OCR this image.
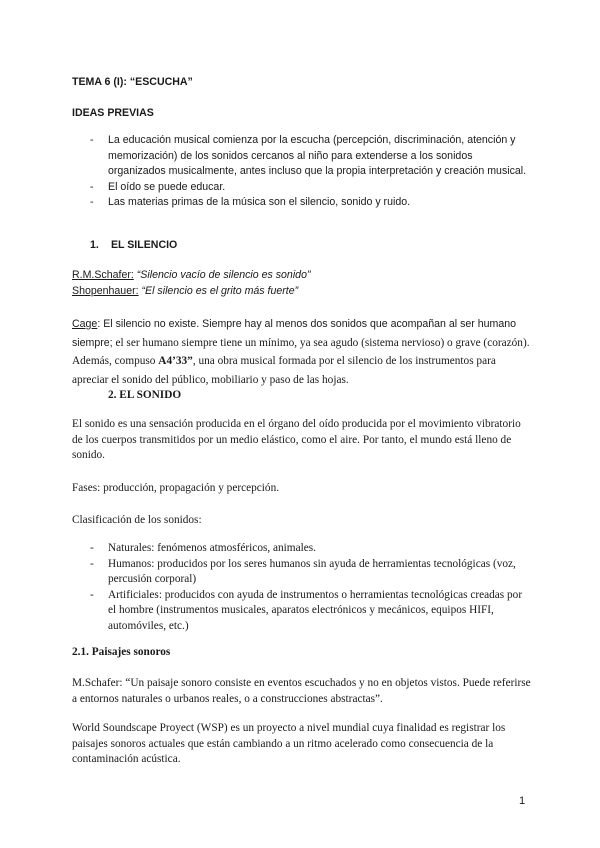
TEMA 6 (I): “ESCUCHA”

IDEAS PREVIAS

- La educación musical comienza por la escucha (percepción, discriminación, atención y memorización) de los sonidos cercanos al niño para extenderse a los sonidos organizados musicalmente, antes incluso que la propia interpretación y creación musical.
- El oído se puede educar.
- Las materias primas de la música son el silencio, sonido y ruido.

1. EL SILENCIO

R.M.Schafer: “Silencio vacío de silencio es sonido”
Shopenhauer: “El silencio es el grito más fuerte”

Cage: El silencio no existe. Siempre hay al menos dos sonidos que acompañan al ser humano siempre; el ser humano siempre tiene un mínimo, ya sea agudo (sistema nervioso) o grave (corazón). Además, compuso A4’33”, una obra musical formada por el silencio de los instrumentos para apreciar el sonido del público, mobiliario y paso de las hojas.

2. EL SONIDO

El sonido es una sensación producida en el órgano del oído producida por el movimiento vibratorio de los cuerpos transmitidos por un medio elástico, como el aire. Por tanto, el mundo está lleno de sonido.

Fases: producción, propagación y percepción.

Clasificación de los sonidos:

- Naturales: fenómenos atmosféricos, animales.
- Humanos: producidos por los seres humanos sin ayuda de herramientas tecnológicas (voz, percusión corporal)
- Artificiales: producidos con ayuda de instrumentos o herramientas tecnológicas creadas por el hombre (instrumentos musicales, aparatos electrónicos y mecánicos, equipos HIFI, automóviles, etc.)

2.1. Paisajes sonoros

M.Schafer: “Un paisaje sonoro consiste en eventos escuchados y no en objetos vistos. Puede referirse a entornos naturales o urbanos reales, o a construcciones abstractas”.

World Soundscape Proyect (WSP) es un proyecto a nivel mundial cuya finalidad es registrar los paisajes sonoros actuales que están cambiando a un ritmo acelerado como consecuencia de la contaminación acústica.

1
